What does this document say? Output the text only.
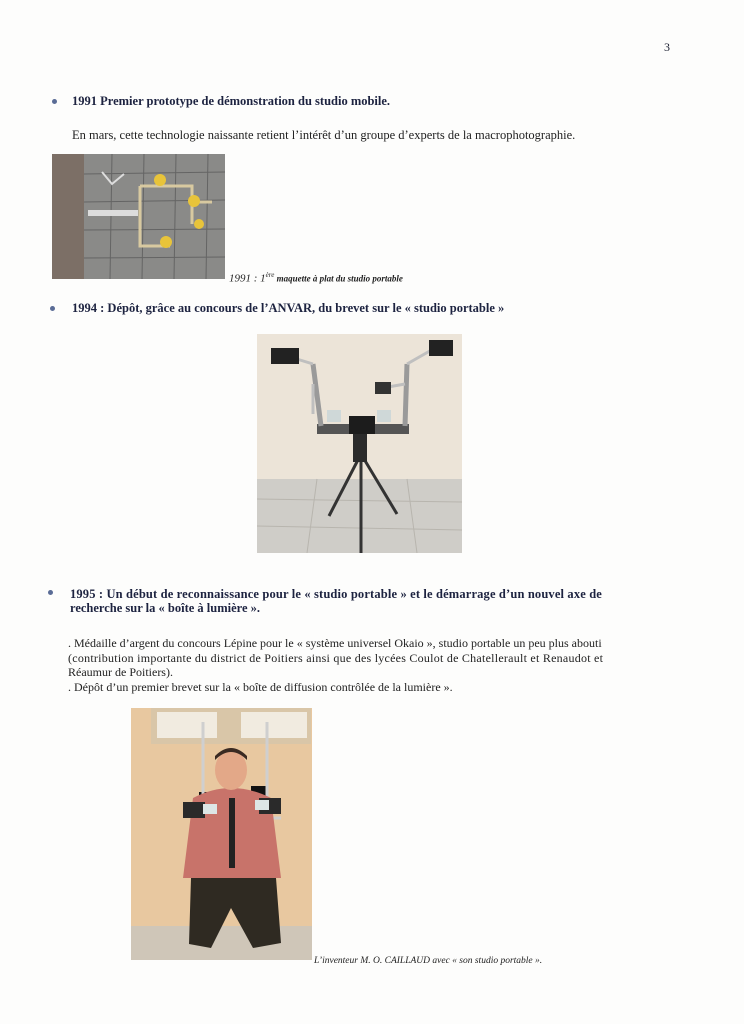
3
1991 Premier prototype de démonstration du studio mobile.
En mars, cette technologie naissante retient l’intérêt d’un groupe d’experts de la macrophotographie.
1991 : 1ère maquette à plat du studio portable
1994 : Dépôt, grâce au concours de l’ANVAR, du brevet sur le « studio portable »
1995 : Un début de reconnaissance pour le « studio portable » et le démarrage d’un nouvel axe de
recherche sur la « boîte à lumière ».
. Médaille d’argent du concours Lépine pour le « système universel Okaio », studio portable un peu plus abouti
(contribution importante du district de Poitiers ainsi que des lycées Coulot de Chatellerault et Renaudot et
Réaumur de Poitiers).
. Dépôt d’un premier brevet sur la « boîte de diffusion contrôlée de la lumière ».
L’inventeur M. O. CAILLAUD avec « son studio portable ».
